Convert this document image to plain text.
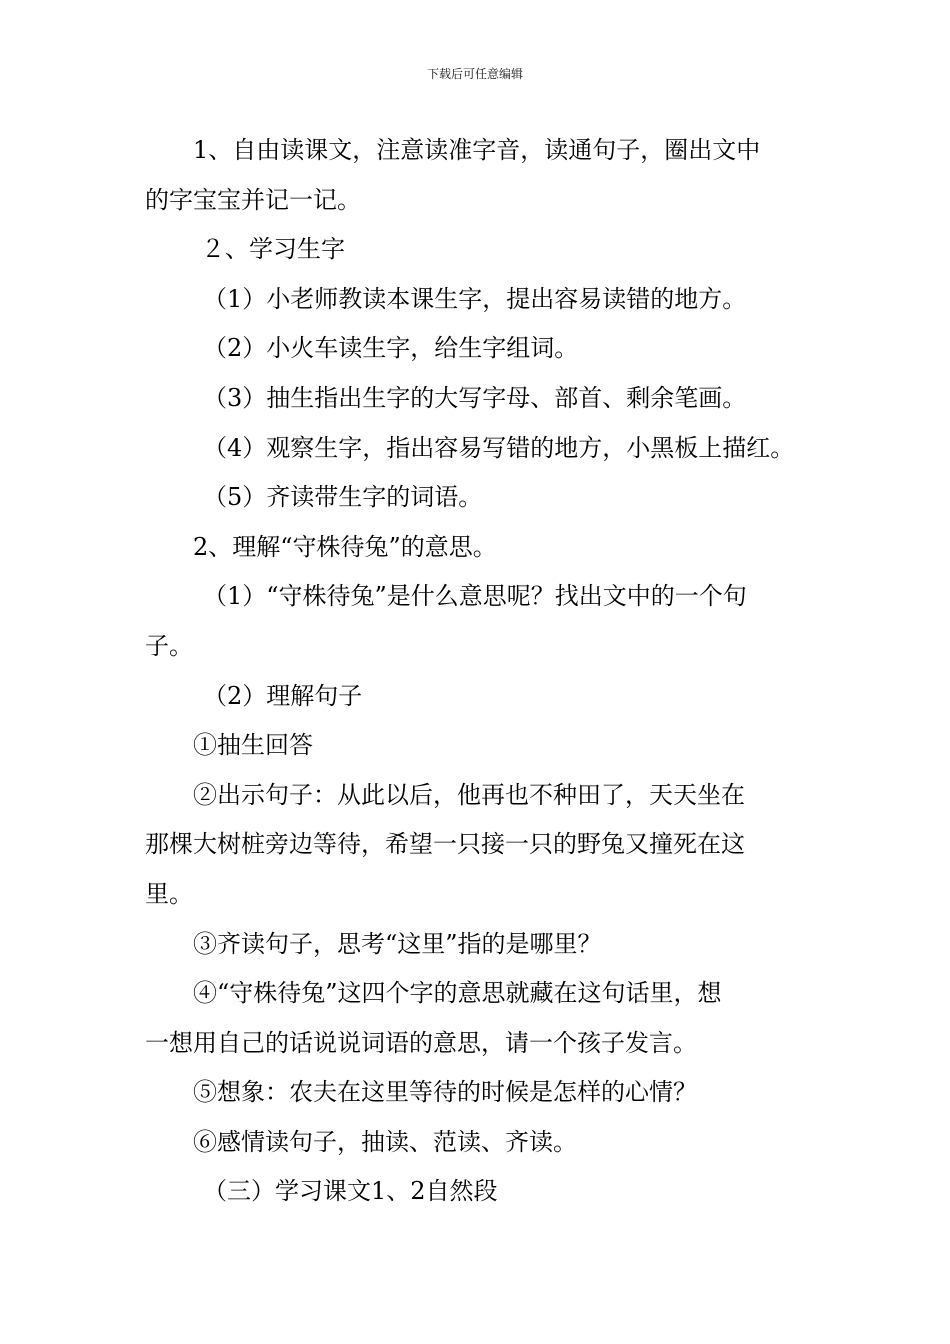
下载后可任意编辑

1、自由读课文，注意读准字音，读通句子，圈出文中

的字宝宝并记一记。

２、学习生字

（1）小老师教读本课生字，提出容易读错的地方。

（2）小火车读生字，给生字组词。

（3）抽生指出生字的大写字母、部首、剩余笔画。

（4）观察生字，指出容易写错的地方，小黑板上描红。

（5）齐读带生字的词语。

2、理解“守株待兔”的意思。

（1）“守株待兔”是什么意思呢？找出文中的一个句

子。

（2）理解句子

①抽生回答

②出示句子：从此以后，他再也不种田了，天天坐在

那棵大树桩旁边等待，希望一只接一只的野兔又撞死在这

里。

③齐读句子，思考“这里”指的是哪里？

④“守株待兔”这四个字的意思就藏在这句话里，想

一想用自己的话说说词语的意思，请一个孩子发言。

⑤想象：农夫在这里等待的时候是怎样的心情？

⑥感情读句子，抽读、范读、齐读。

（三）学习课文1、2自然段
